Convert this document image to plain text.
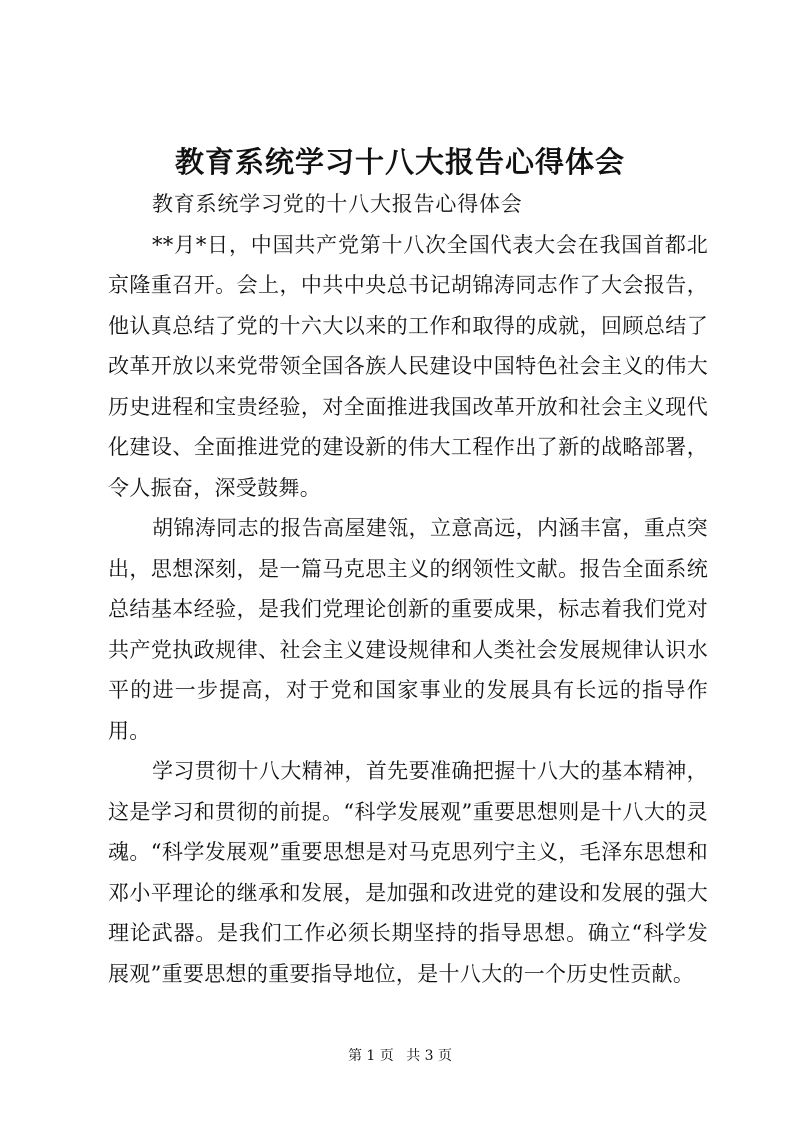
教育系统学习十八大报告心得体会

教育系统学习党的十八大报告心得体会

**月*日，中国共产党第十八次全国代表大会在我国首都北京隆重召开。会上，中共中央总书记胡锦涛同志作了大会报告，他认真总结了党的十六大以来的工作和取得的成就，回顾总结了改革开放以来党带领全国各族人民建设中国特色社会主义的伟大历史进程和宝贵经验，对全面推进我国改革开放和社会主义现代化建设、全面推进党的建设新的伟大工程作出了新的战略部署，令人振奋，深受鼓舞。

胡锦涛同志的报告高屋建瓴，立意高远，内涵丰富，重点突出，思想深刻，是一篇马克思主义的纲领性文献。报告全面系统总结基本经验，是我们党理论创新的重要成果，标志着我们党对共产党执政规律、社会主义建设规律和人类社会发展规律认识水平的进一步提高，对于党和国家事业的发展具有长远的指导作用。

学习贯彻十八大精神，首先要准确把握十八大的基本精神，这是学习和贯彻的前提。“科学发展观”重要思想则是十八大的灵魂。“科学发展观”重要思想是对马克思列宁主义，毛泽东思想和邓小平理论的继承和发展，是加强和改进党的建设和发展的强大理论武器。是我们工作必须长期坚持的指导思想。确立“科学发展观”重要思想的重要指导地位，是十八大的一个历史性贡献。

第 1 页 共 3 页
